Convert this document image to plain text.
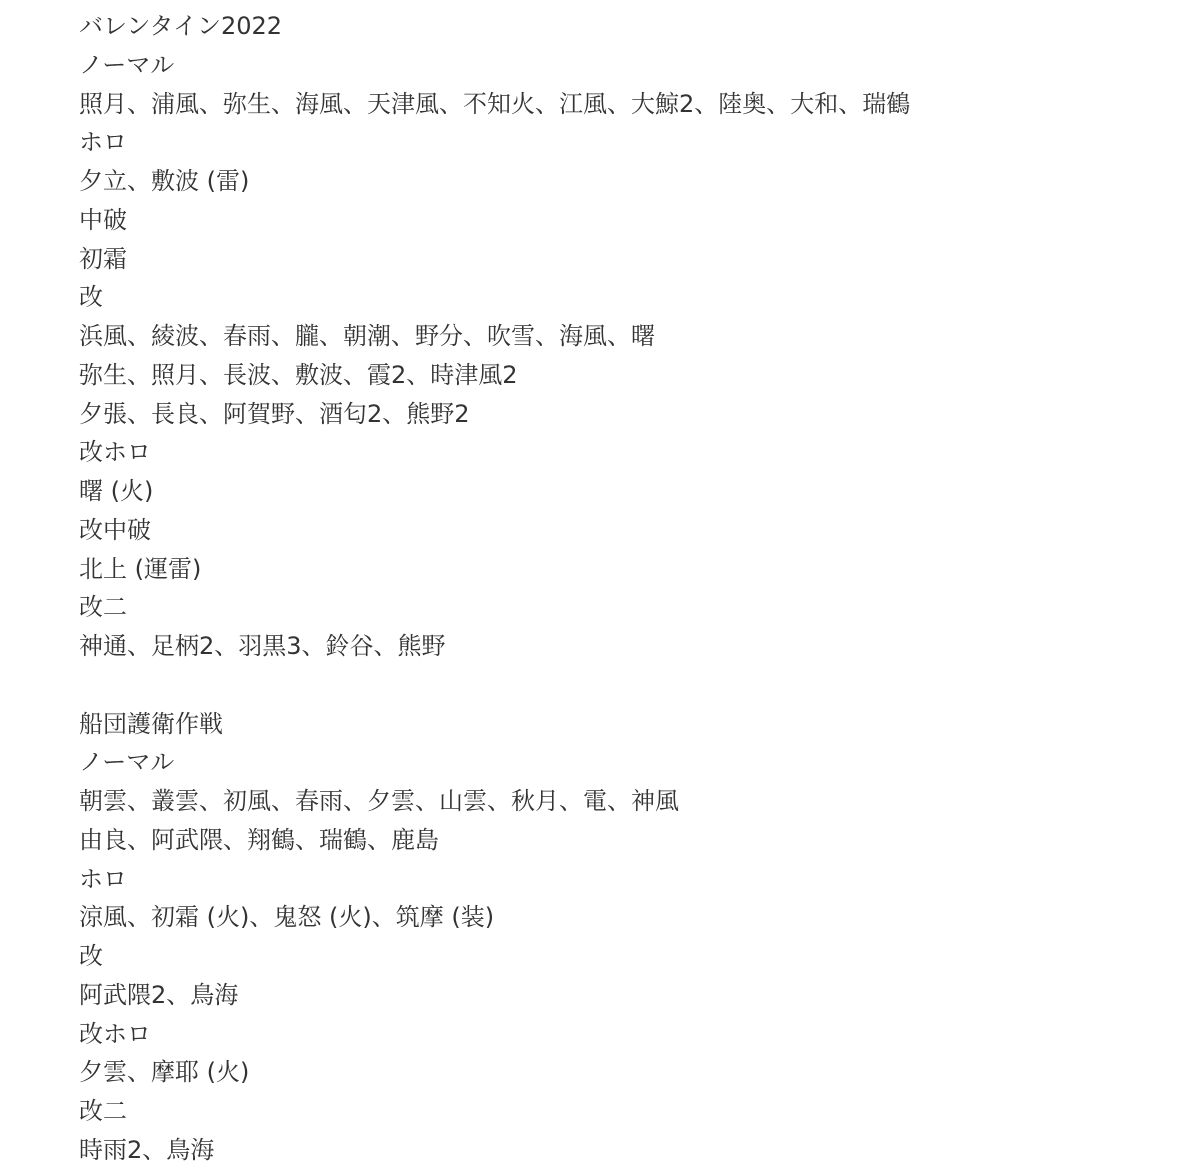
バレンタイン2022
ノーマル
照月、浦風、弥生、海風、天津風、不知火、江風、大鯨2、陸奥、大和、瑞鶴
ホロ
夕立、敷波 (雷)
中破
初霜
改
浜風、綾波、春雨、朧、朝潮、野分、吹雪、海風、曙
弥生、照月、長波、敷波、霞2、時津風2
夕張、長良、阿賀野、酒匂2、熊野2
改ホロ
曙 (火)
改中破
北上 (運雷)
改二
神通、足柄2、羽黒3、鈴谷、熊野
船団護衛作戦
ノーマル
朝雲、叢雲、初風、春雨、夕雲、山雲、秋月、電、神風
由良、阿武隈、翔鶴、瑞鶴、鹿島
ホロ
涼風、初霜 (火)、鬼怒 (火)、筑摩 (装)
改
阿武隈2、鳥海
改ホロ
夕雲、摩耶 (火)
改二
時雨2、鳥海
